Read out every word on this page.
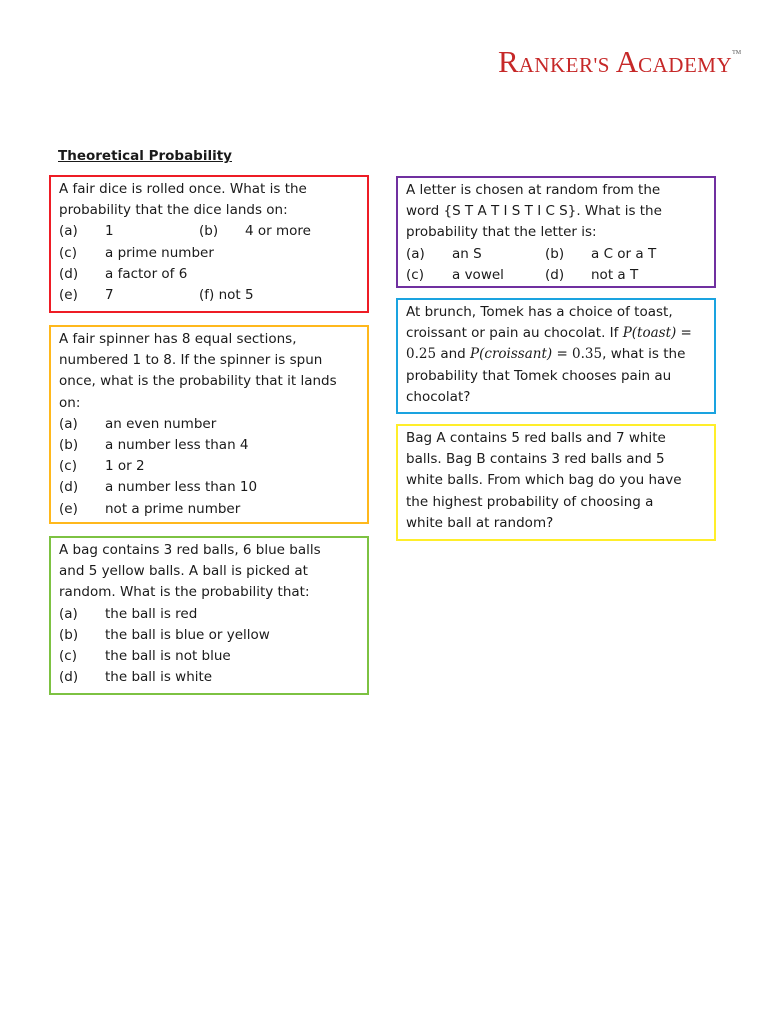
RANKER'S ACADEMY™
Theoretical Probability
A fair dice is rolled once. What is the
probability that the dice lands on:
(a)	1	(b)	4 or more
(c)	a prime number
(d)	a factor of 6
(e)	7	(f) not 5
A fair spinner has 8 equal sections,
numbered 1 to 8. If the spinner is spun
once, what is the probability that it lands
on:
(a)	an even number
(b)	a number less than 4
(c)	1 or 2
(d)	a number less than 10
(e)	not a prime number
A bag contains 3 red balls, 6 blue balls
and 5 yellow balls. A ball is picked at
random. What is the probability that:
(a)	the ball is red
(b)	the ball is blue or yellow
(c)	the ball is not blue
(d)	the ball is white
A letter is chosen at random from the
word {S T A T I S T I C S}. What is the
probability that the letter is:
(a)	an S	(b)	a C or a T
(c)	a vowel	(d)	not a T
At brunch, Tomek has a choice of toast,
croissant or pain au chocolat. If P(toast) =
0.25 and P(croissant) = 0.35, what is the
probability that Tomek chooses pain au
chocolat?
Bag A contains 5 red balls and 7 white
balls. Bag B contains 3 red balls and 5
white balls. From which bag do you have
the highest probability of choosing a
white ball at random?
